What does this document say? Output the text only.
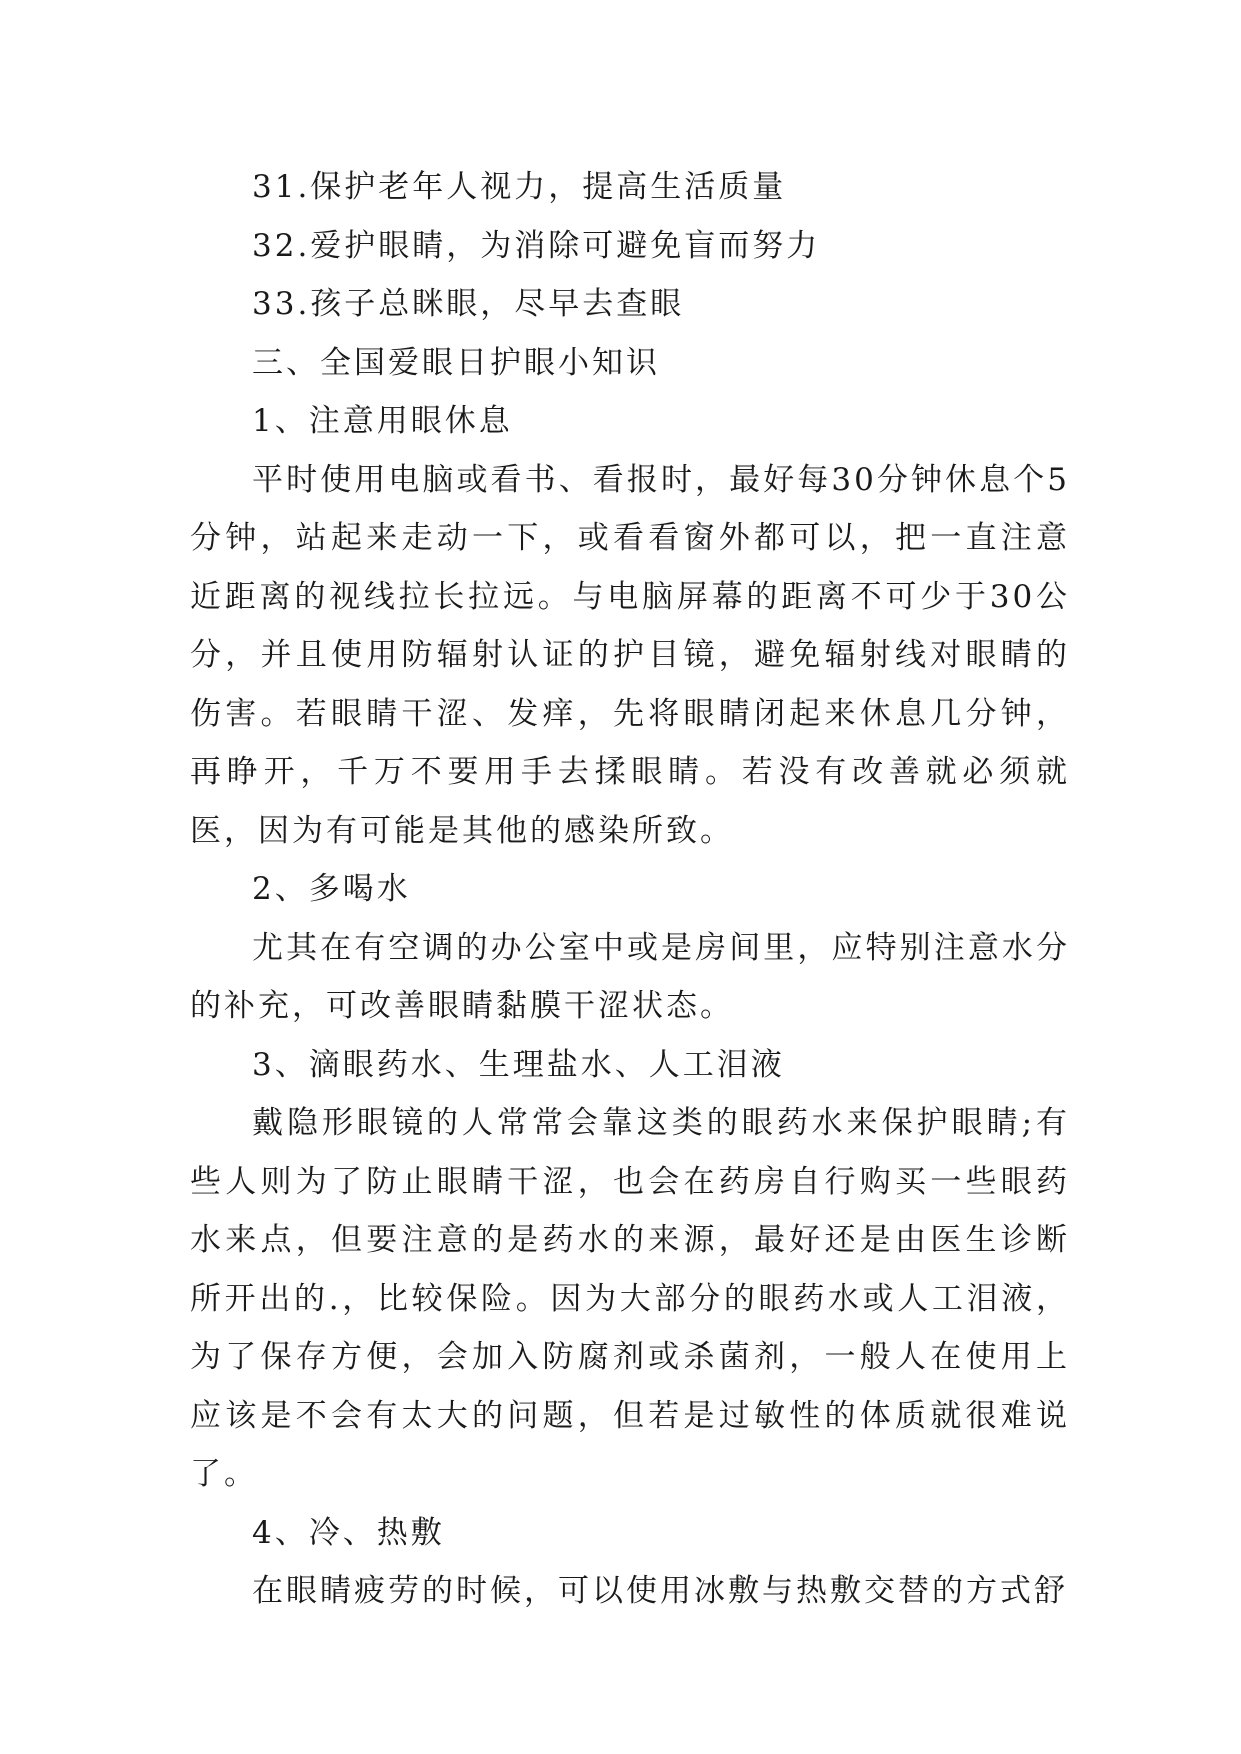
31.保护老年人视力，提高生活质量

32.爱护眼睛，为消除可避免盲而努力

33.孩子总眯眼，尽早去查眼

三、全国爱眼日护眼小知识

1、注意用眼休息

平时使用电脑或看书、看报时，最好每30分钟休息个5分钟，站起来走动一下，或看看窗外都可以，把一直注意近距离的视线拉长拉远。与电脑屏幕的距离不可少于30公分，并且使用防辐射认证的护目镜，避免辐射线对眼睛的伤害。若眼睛干涩、发痒，先将眼睛闭起来休息几分钟，再睁开，千万不要用手去揉眼睛。若没有改善就必须就医，因为有可能是其他的感染所致。

2、多喝水

尤其在有空调的办公室中或是房间里，应特别注意水分的补充，可改善眼睛黏膜干涩状态。

3、滴眼药水、生理盐水、人工泪液

戴隐形眼镜的人常常会靠这类的眼药水来保护眼睛;有些人则为了防止眼睛干涩，也会在药房自行购买一些眼药水来点，但要注意的是药水的来源，最好还是由医生诊断所开出的.，比较保险。因为大部分的眼药水或人工泪液，为了保存方便，会加入防腐剂或杀菌剂，一般人在使用上应该是不会有太大的问题，但若是过敏性的体质就很难说了。

4、冷、热敷

在眼睛疲劳的时候，可以使用冰敷与热敷交替的方式舒
